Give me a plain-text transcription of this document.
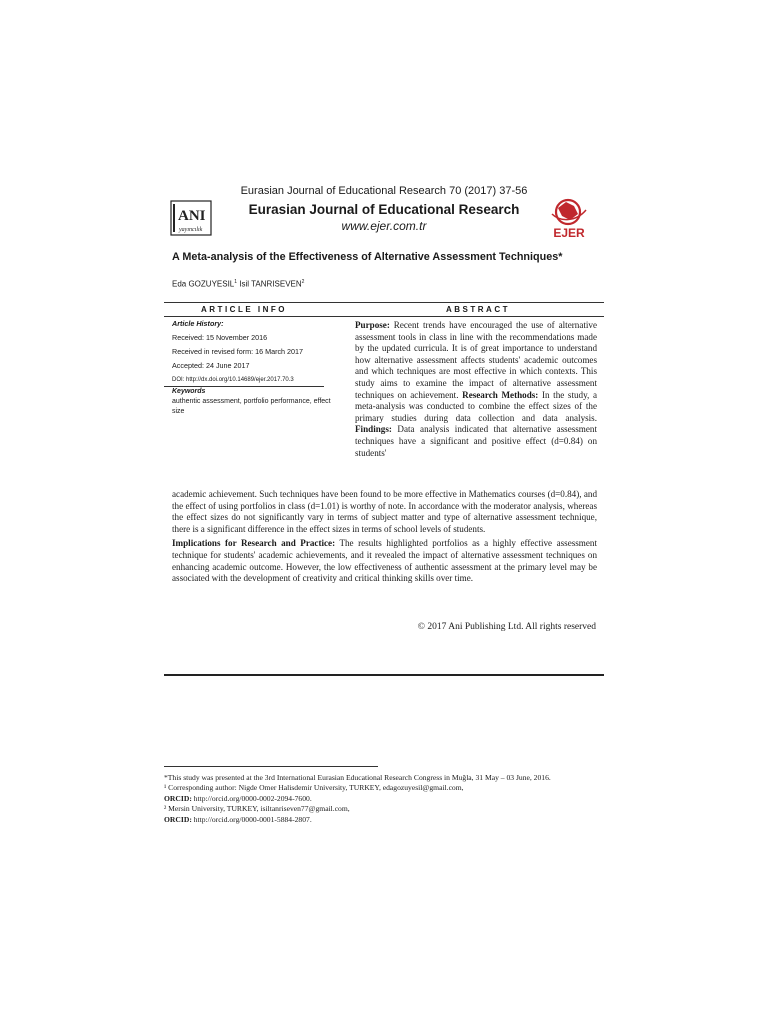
Eurasian Journal of Educational Research 70 (2017) 37-56
ANI
yayıncılık
Eurasian Journal of Educational Research
www.ejer.com.tr	EJER
A Meta-analysis of the Effectiveness of Alternative Assessment Techniques*
Eda GOZUYESIL$^1$ Isil TANRISEVEN$^2$
ARTICLE INFO	ABSTRACT
Article History:
Received: 15 November 2016
Received in revised form: 16 March 2017
Accepted: 24 June 2017
DOI: http://dx.doi.org/10.14689/ejer.2017.70.3
Keywords
authentic assessment, portfolio performance, effect size

Purpose: Recent trends have encouraged the use of alternative assessment tools in class in line with the recommendations made by the updated curricula. It is of great importance to understand how alternative assessment affects students' academic outcomes and which techniques are most effective in which contexts. This study aims to examine the impact of alternative assessment techniques on achievement. Research Methods: In the study, a meta-analysis was conducted to combine the effect sizes of the primary studies during data collection and data analysis. Findings: Data analysis indicated that alternative assessment techniques have a significant and positive effect (d=0.84) on students'

academic achievement. Such techniques have been found to be more effective in Mathematics courses (d=0.84), and the effect of using portfolios in class (d=1.01) is worthy of note. In accordance with the moderator analysis, whereas the effect sizes do not significantly vary in terms of subject matter and type of alternative assessment technique, there is a significant difference in the effect sizes in terms of school levels of students.

Implications for Research and Practice: The results highlighted portfolios as a highly effective assessment technique for students' academic achievements, and it revealed the impact of alternative assessment techniques on enhancing academic outcome. However, the low effectiveness of authentic assessment at the primary level may be associated with the development of creativity and critical thinking skills over time.

© 2017 Ani Publishing Ltd. All rights reserved
*This study was presented at the 3rd International Eurasian Educational Research Congress in Muğla, 31 May – 03 June, 2016.
¹ Corresponding author: Nigde Omer Halisdemir University, TURKEY, edagozuyesil@gmail.com,
ORCID: http://orcid.org/0000-0002-2094-7600.
² Mersin University, TURKEY, isiltanriseven77@gmail.com,
ORCID: http://orcid.org/0000-0001-5884-2807.
